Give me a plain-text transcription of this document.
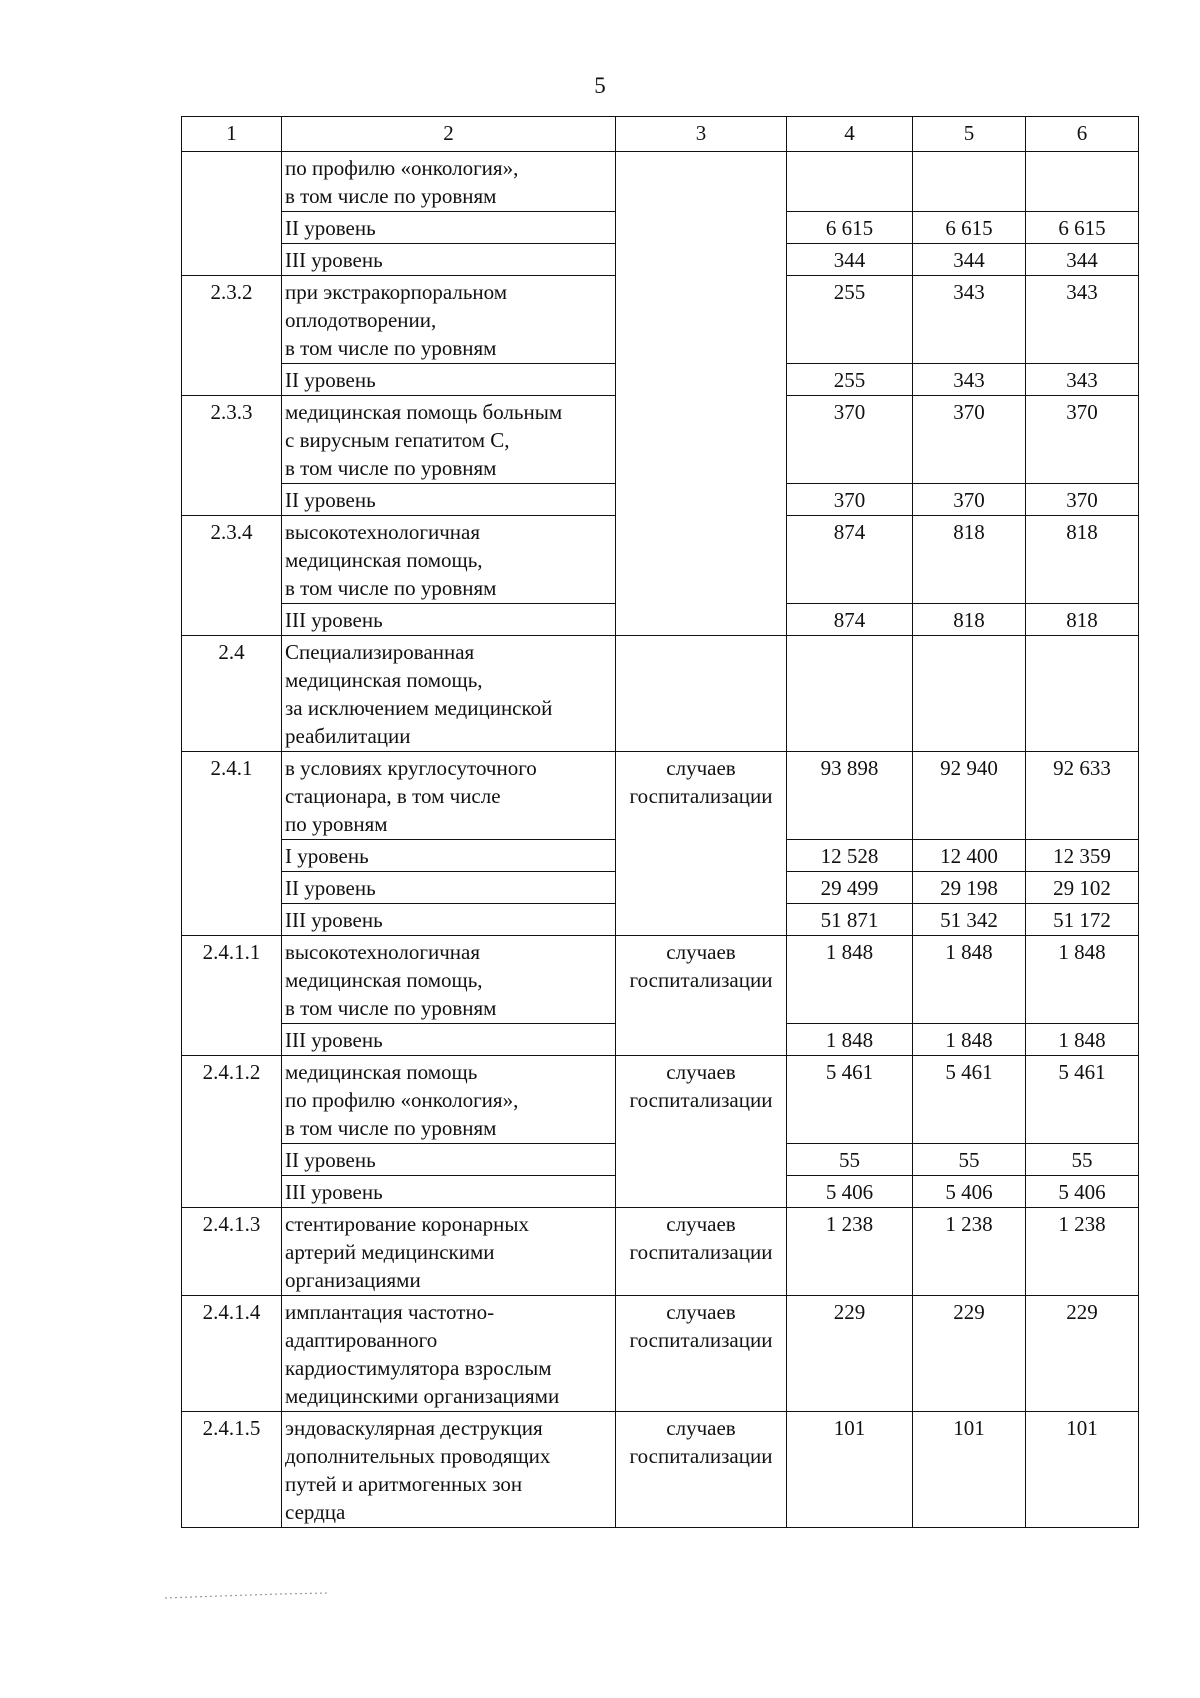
5
1	2	3	4	5	6
	по профилю «онкология»,
в том числе по уровням				
	II уровень		6 615	6 615	6 615
	III уровень		344	344	344
2.3.2	при экстракорпоральном
оплодотворении,
в том числе по уровням		255	343	343
	II уровень		255	343	343
2.3.3	медицинская помощь больным
с вирусным гепатитом С,
в том числе по уровням		370	370	370
	II уровень		370	370	370
2.3.4	высокотехнологичная
медицинская помощь,
в том числе по уровням		874	818	818
	III уровень		874	818	818
2.4	Специализированная
медицинская помощь,
за исключением медицинской
реабилитации				
2.4.1	в условиях круглосуточного
стационара, в том числе
по уровням	случаев
госпитализации	93 898	92 940	92 633
	I уровень		12 528	12 400	12 359
	II уровень		29 499	29 198	29 102
	III уровень		51 871	51 342	51 172
2.4.1.1	высокотехнологичная
медицинская помощь,
в том числе по уровням	случаев
госпитализации	1 848	1 848	1 848
	III уровень		1 848	1 848	1 848
2.4.1.2	медицинская помощь
по профилю «онкология»,
в том числе по уровням	случаев
госпитализации	5 461	5 461	5 461
	II уровень		55	55	55
	III уровень		5 406	5 406	5 406
2.4.1.3	стентирование коронарных
артерий медицинскими
организациями	случаев
госпитализации	1 238	1 238	1 238
2.4.1.4	имплантация частотно-
адаптированного
кардиостимулятора взрослым
медицинскими организациями	случаев
госпитализации	229	229	229
2.4.1.5	эндоваскулярная деструкция
дополнительных проводящих
путей и аритмогенных зон
сердца	случаев
госпитализации	101	101	101
